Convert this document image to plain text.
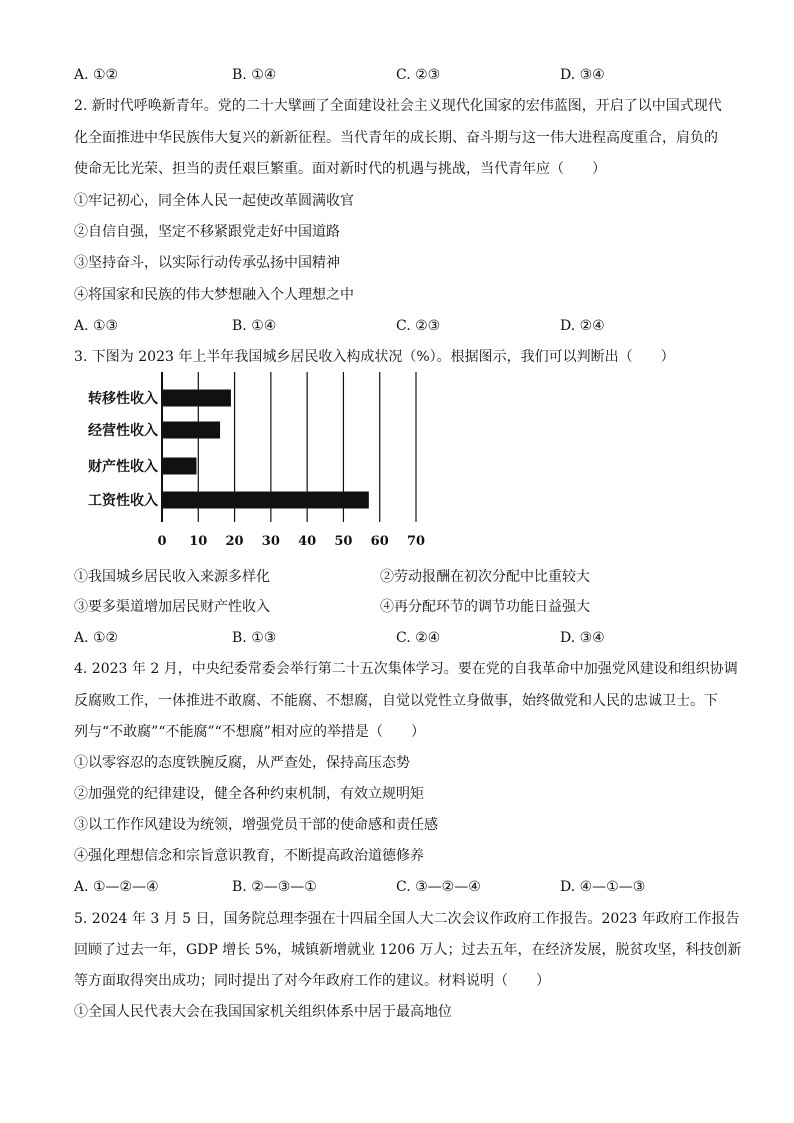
A. ①②	B. ①④	C. ②③	D. ③④
2. 新时代呼唤新青年。党的二十大擘画了全面建设社会主义现代化国家的宏伟蓝图，开启了以中国式现代
化全面推进中华民族伟大复兴的新新征程。当代青年的成长期、奋斗期与这一伟大进程高度重合，肩负的
使命无比光荣、担当的责任艰巨繁重。面对新时代的机遇与挑战，当代青年应（　　）
①牢记初心，同全体人民一起使改革圆满收官
②自信自强，坚定不移紧跟党走好中国道路
③坚持奋斗，以实际行动传承弘扬中国精神
④将国家和民族的伟大梦想融入个人理想之中
A. ①③	B. ①④	C. ②③	D. ②④
3. 下图为 2023 年上半年我国城乡居民收入构成状况（%）。根据图示，我们可以判断出（　　）
转移性收入
经营性收入
财产性收入
工资性收入
0 10 20 30 40 50 60 70
①我国城乡居民收入来源多样化	②劳动报酬在初次分配中比重较大
③要多渠道增加居民财产性收入	④再分配环节的调节功能日益强大
A. ①②	B. ①③	C. ②④	D. ③④
4. 2023 年 2 月，中央纪委常委会举行第二十五次集体学习。要在党的自我革命中加强党风建设和组织协调
反腐败工作，一体推进不敢腐、不能腐、不想腐，自觉以党性立身做事，始终做党和人民的忠诚卫士。下
列与“不敢腐”“不能腐”“不想腐”相对应的举措是（　　）
①以零容忍的态度铁腕反腐，从严查处，保持高压态势
②加强党的纪律建设，健全各种约束机制，有效立规明矩
③以工作作风建设为统领，增强党员干部的使命感和责任感
④强化理想信念和宗旨意识教育，不断提高政治道德修养
A. ①—②—④	B. ②—③—①	C. ③—②—④	D. ④—①—③
5. 2024 年 3 月 5 日，国务院总理李强在十四届全国人大二次会议作政府工作报告。2023 年政府工作报告
回顾了过去一年，GDP 增长 5%，城镇新增就业 1206 万人；过去五年，在经济发展，脱贫攻坚，科技创新
等方面取得突出成功；同时提出了对今年政府工作的建议。材料说明（　　）
①全国人民代表大会在我国国家机关组织体系中居于最高地位
